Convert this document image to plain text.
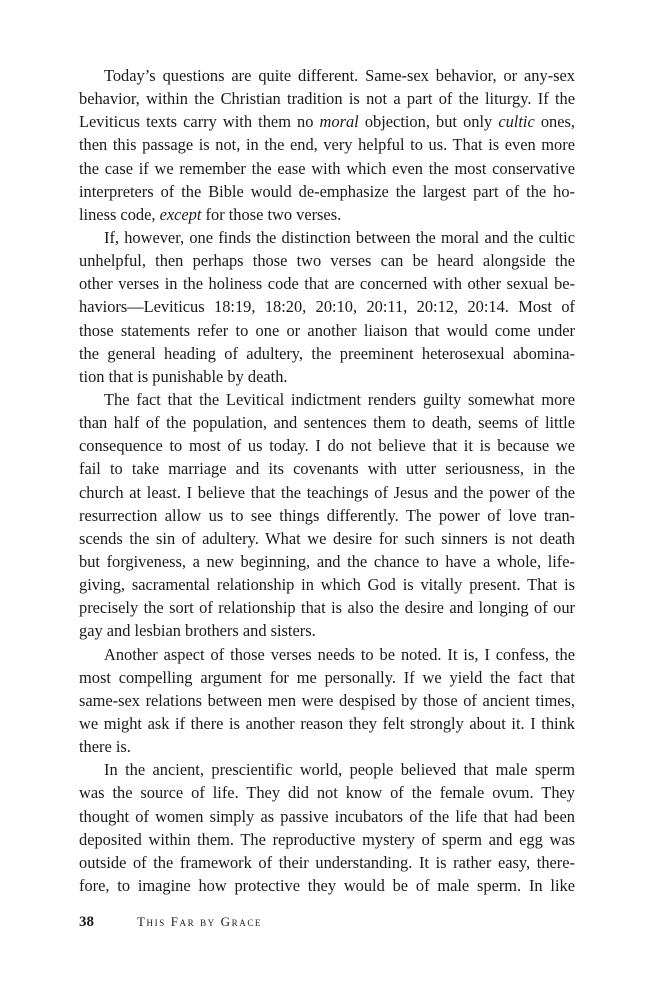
Today’s questions are quite different. Same-sex behavior, or any-sex
behavior, within the Christian tradition is not a part of the liturgy. If the
Leviticus texts carry with them no moral objection, but only cultic ones,
then this passage is not, in the end, very helpful to us. That is even more
the case if we remember the ease with which even the most conservative
interpreters of the Bible would de-emphasize the largest part of the ho-
liness code, except for those two verses.
If, however, one finds the distinction between the moral and the cultic
unhelpful, then perhaps those two verses can be heard alongside the
other verses in the holiness code that are concerned with other sexual be-
haviors—Leviticus 18:19, 18:20, 20:10, 20:11, 20:12, 20:14. Most of
those statements refer to one or another liaison that would come under
the general heading of adultery, the preeminent heterosexual abomina-
tion that is punishable by death.
The fact that the Levitical indictment renders guilty somewhat more
than half of the population, and sentences them to death, seems of little
consequence to most of us today. I do not believe that it is because we
fail to take marriage and its covenants with utter seriousness, in the
church at least. I believe that the teachings of Jesus and the power of the
resurrection allow us to see things differently. The power of love tran-
scends the sin of adultery. What we desire for such sinners is not death
but forgiveness, a new beginning, and the chance to have a whole, life-
giving, sacramental relationship in which God is vitally present. That is
precisely the sort of relationship that is also the desire and longing of our
gay and lesbian brothers and sisters.
Another aspect of those verses needs to be noted. It is, I confess, the
most compelling argument for me personally. If we yield the fact that
same-sex relations between men were despised by those of ancient times,
we might ask if there is another reason they felt strongly about it. I think
there is.
In the ancient, prescientific world, people believed that male sperm
was the source of life. They did not know of the female ovum. They
thought of women simply as passive incubators of the life that had been
deposited within them. The reproductive mystery of sperm and egg was
outside of the framework of their understanding. It is rather easy, there-
fore, to imagine how protective they would be of male sperm. In like
38	This Far by Grace
